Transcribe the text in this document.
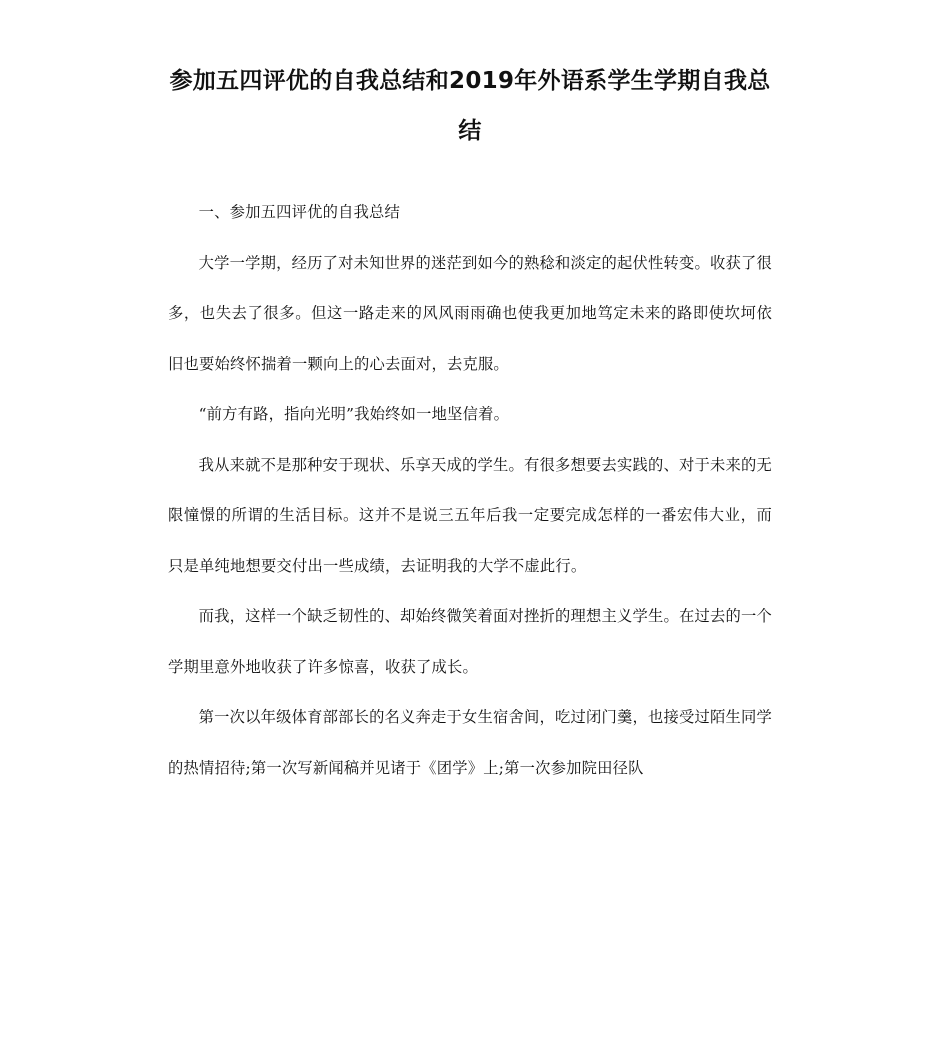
参加五四评优的自我总结和2019年外语系学生学期自我总结

一、参加五四评优的自我总结

大学一学期，经历了对未知世界的迷茫到如今的熟稔和淡定的起伏性转变。收获了很多，也失去了很多。但这一路走来的风风雨雨确也使我更加地笃定未来的路即使坎坷依旧也要始终怀揣着一颗向上的心去面对，去克服。

“前方有路，指向光明”我始终如一地坚信着。

我从来就不是那种安于现状、乐享天成的学生。有很多想要去实践的、对于未来的无限憧憬的所谓的生活目标。这并不是说三五年后我一定要完成怎样的一番宏伟大业，而只是单纯地想要交付出一些成绩，去证明我的大学不虚此行。

而我，这样一个缺乏韧性的、却始终微笑着面对挫折的理想主义学生。在过去的一个学期里意外地收获了许多惊喜，收获了成长。

第一次以年级体育部部长的名义奔走于女生宿舍间，吃过闭门羹，也接受过陌生同学的热情招待;第一次写新闻稿并见诸于《团学》上;第一次参加院田径队
